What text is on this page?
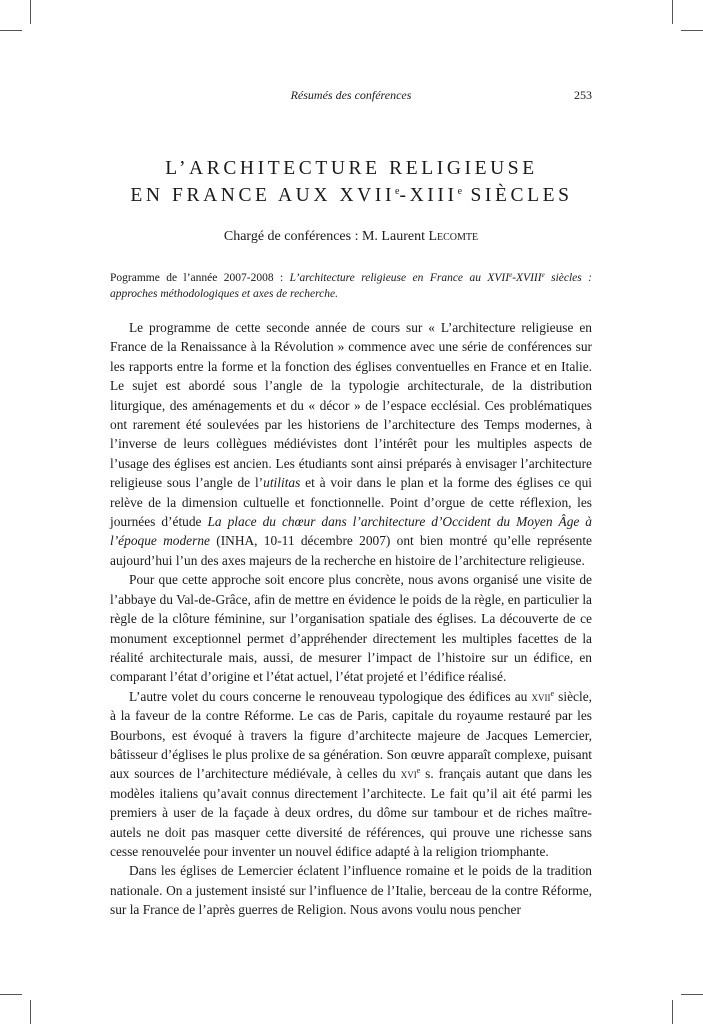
Résumés des conférences	253
L’ARCHITECTURE RELIGIEUSE
EN FRANCE AUX XVIIe-XIIIe SIÈCLES
Chargé de conférences : M. Laurent Lecomte
Pogramme de l’année 2007-2008 : L’architecture religieuse en France au XVIIe-XVIIIe siècles : approches méthodologiques et axes de recherche.

Le programme de cette seconde année de cours sur « L’architecture religieuse en France de la Renaissance à la Révolution » commence avec une série de conférences sur les rapports entre la forme et la fonction des églises conventuelles en France et en Italie. Le sujet est abordé sous l’angle de la typologie architecturale, de la distribution liturgique, des aménagements et du « décor » de l’espace ecclésial. Ces problématiques ont rarement été soulevées par les historiens de l’architecture des Temps modernes, à l’inverse de leurs collègues médiévistes dont l’intérêt pour les multiples aspects de l’usage des églises est ancien. Les étudiants sont ainsi préparés à envisager l’architecture religieuse sous l’angle de l’utilitas et à voir dans le plan et la forme des églises ce qui relève de la dimension cultuelle et fonctionnelle. Point d’orgue de cette réflexion, les journées d’étude La place du chœur dans l’architecture d’Occident du Moyen Âge à l’époque moderne (INHA, 10-11 décembre 2007) ont bien montré qu’elle représente aujourd’hui l’un des axes majeurs de la recherche en histoire de l’architecture religieuse.

Pour que cette approche soit encore plus concrète, nous avons organisé une visite de l’abbaye du Val-de-Grâce, afin de mettre en évidence le poids de la règle, en particulier la règle de la clôture féminine, sur l’organisation spatiale des églises. La découverte de ce monument exceptionnel permet d’appréhender directement les multiples facettes de la réalité architecturale mais, aussi, de mesurer l’impact de l’histoire sur un édifice, en comparant l’état d’origine et l’état actuel, l’état projeté et l’édifice réalisé.

L’autre volet du cours concerne le renouveau typologique des édifices au xvii$^e$ siècle, à la faveur de la contre Réforme. Le cas de Paris, capitale du royaume restauré par les Bourbons, est évoqué à travers la figure d’architecte majeure de Jacques Lemercier, bâtisseur d’églises le plus prolixe de sa génération. Son œuvre apparaît complexe, puisant aux sources de l’architecture médiévale, à celles du xvi$^e$ s. français autant que dans les modèles italiens qu’avait connus directement l’architecte. Le fait qu’il ait été parmi les premiers à user de la façade à deux ordres, du dôme sur tambour et de riches maître-autels ne doit pas masquer cette diversité de références, qui prouve une richesse sans cesse renouvelée pour inventer un nouvel édifice adapté à la religion triomphante.

Dans les églises de Lemercier éclatent l’influence romaine et le poids de la tradition nationale. On a justement insisté sur l’influence de l’Italie, berceau de la contre Réforme, sur la France de l’après guerres de Religion. Nous avons voulu nous pencher
